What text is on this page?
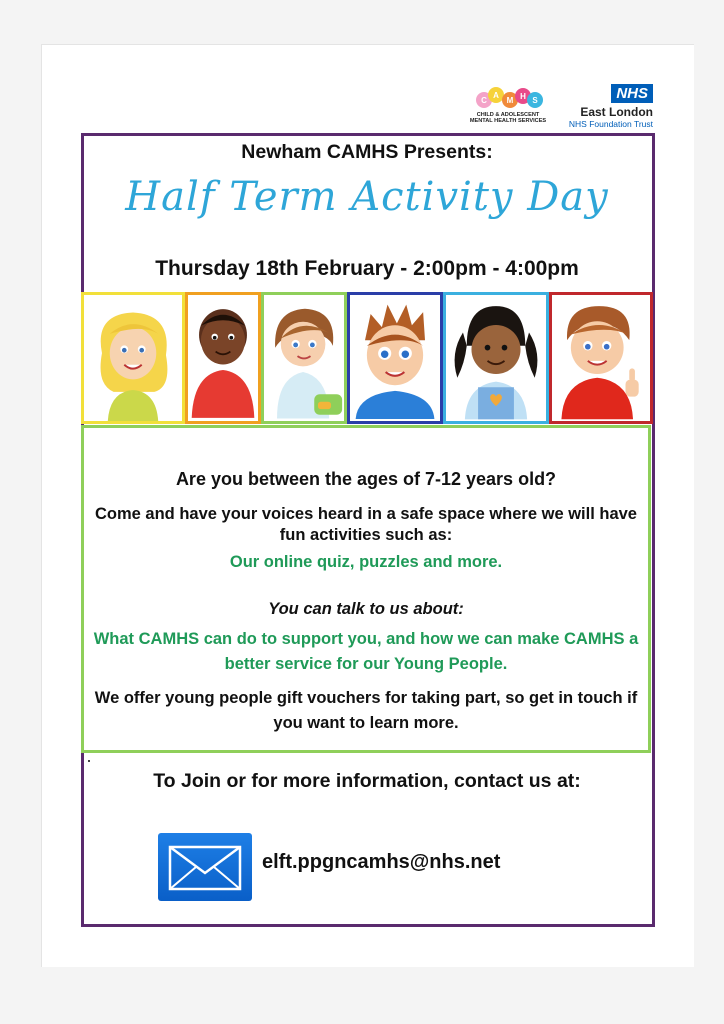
C
A
M H S
CHILD & ADOLESCENT
MENTAL HEALTH SERVICES
NHS
East London
NHS Foundation Trust
Newham CAMHS Presents:
Half Term Activity Day
Thursday 18th February - 2:00pm - 4:00pm
Are you between the ages of 7-12 years old?
Come and have your voices heard in a safe space where we will have fun activities such as:
Our online quiz, puzzles and more.
You can talk to us about:
What CAMHS can do to support you, and how we can make CAMHS a better service for our Young People.
We offer young people gift vouchers for taking part, so get in touch if you want to learn more.
To Join or for more information, contact us at:
elft.ppgncamhs@nhs.net
